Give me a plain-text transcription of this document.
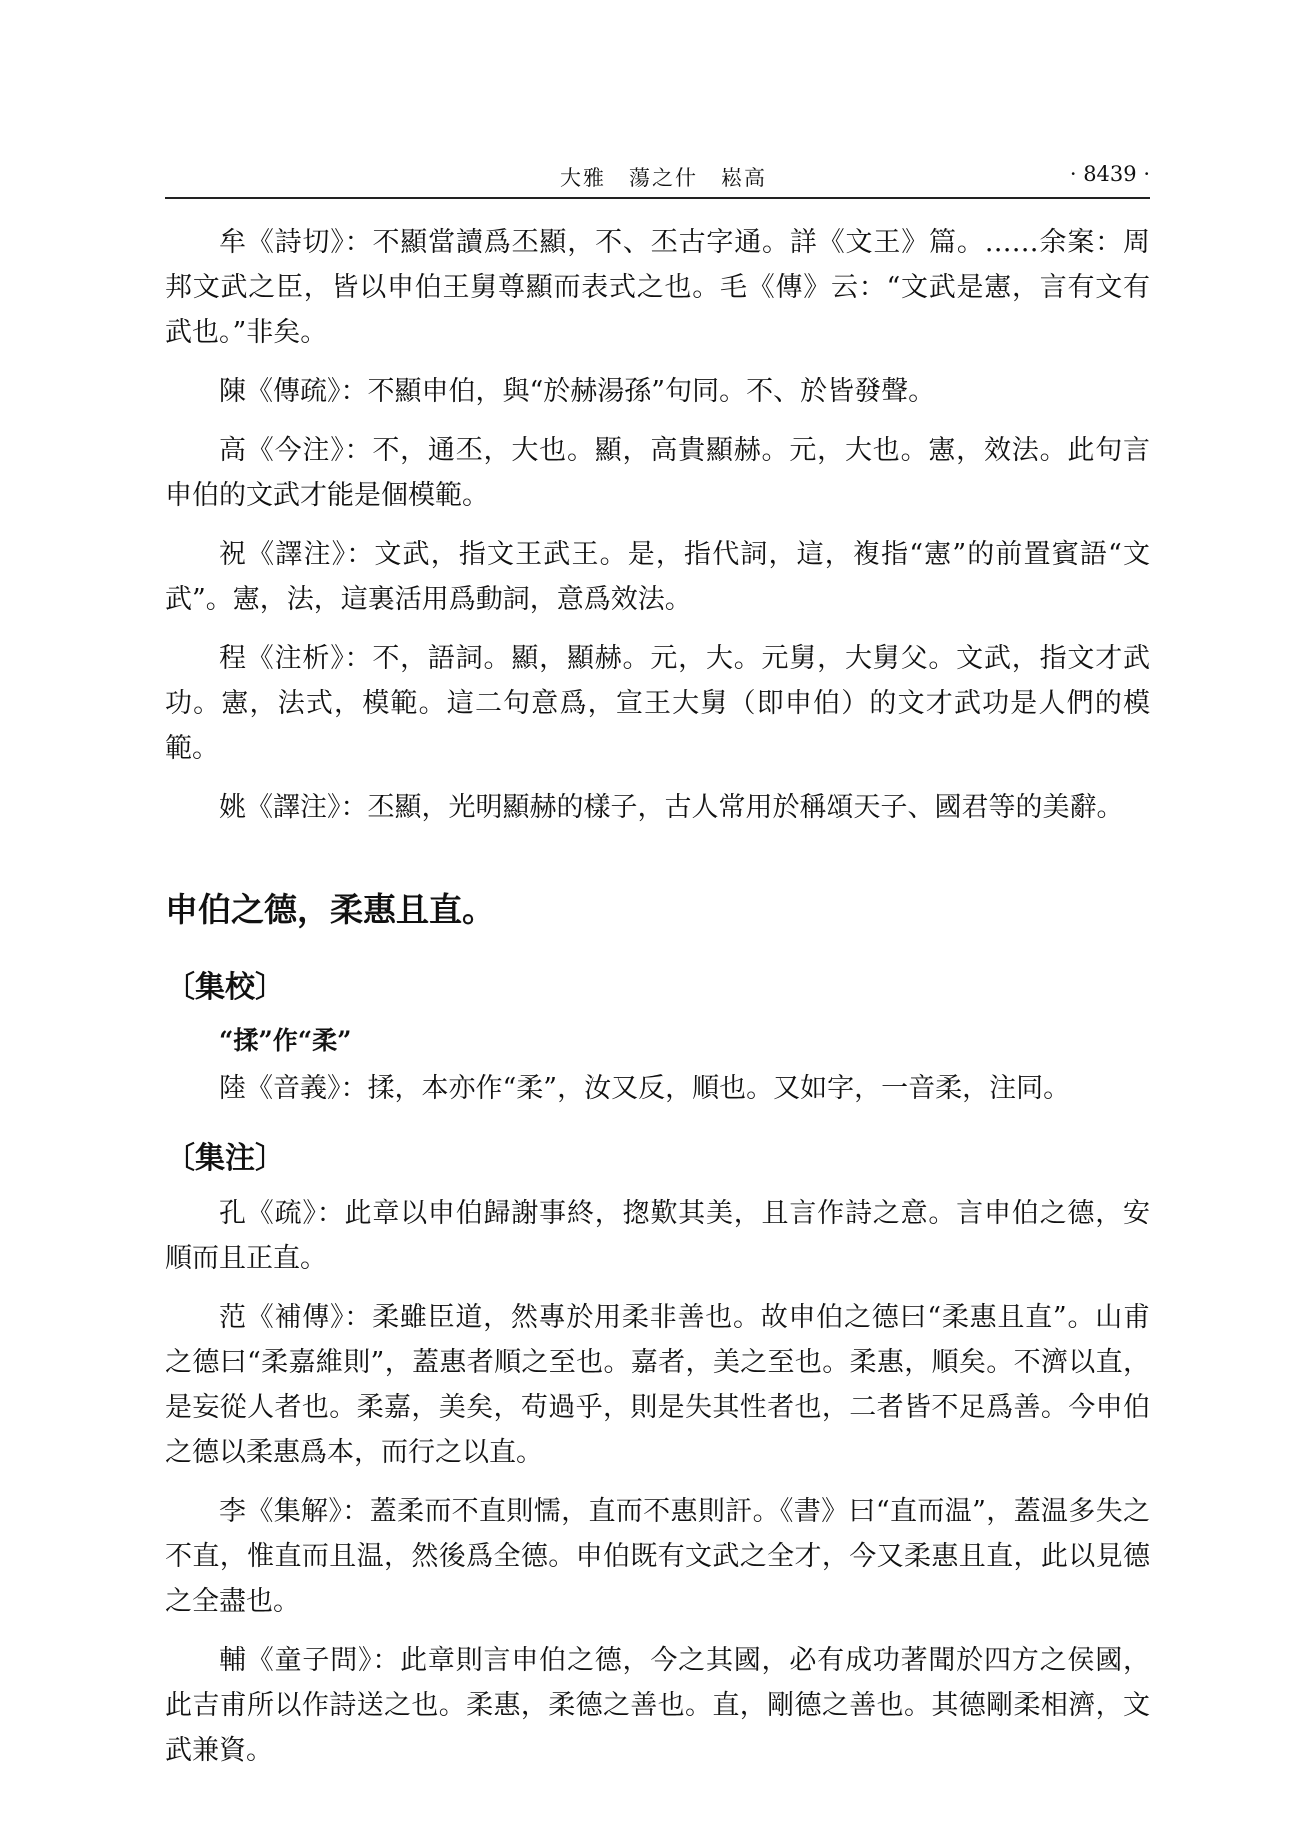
大雅　蕩之什　崧高	· 8439 ·

牟《詩切》：不顯當讀爲丕顯，不、丕古字通。詳《文王》篇。……余案：周邦文武之臣，皆以申伯王舅尊顯而表式之也。毛《傳》云：“文武是憲，言有文有武也。”非矣。

陳《傳疏》：不顯申伯，與“於赫湯孫”句同。不、於皆發聲。

高《今注》：不，通丕，大也。顯，高貴顯赫。元，大也。憲，效法。此句言申伯的文武才能是個模範。

祝《譯注》：文武，指文王武王。是，指代詞，這，複指“憲”的前置賓語“文武”。憲，法，這裏活用爲動詞，意爲效法。

程《注析》：不，語詞。顯，顯赫。元，大。元舅，大舅父。文武，指文才武功。憲，法式，模範。這二句意爲，宣王大舅（即申伯）的文才武功是人們的模範。

姚《譯注》：丕顯，光明顯赫的樣子，古人常用於稱頌天子、國君等的美辭。

申伯之德，柔惠且直。
〔集校〕
“揉”作“柔”

陸《音義》：揉，本亦作“柔”，汝又反，順也。又如字，一音柔，注同。

〔集注〕

孔《疏》：此章以申伯歸謝事終，揔歎其美，且言作詩之意。言申伯之德，安順而且正直。

范《補傳》：柔雖臣道，然專於用柔非善也。故申伯之德曰“柔惠且直”。山甫之德曰“柔嘉維則”，蓋惠者順之至也。嘉者，美之至也。柔惠，順矣。不濟以直，是妄從人者也。柔嘉，美矣，苟過乎，則是失其性者也，二者皆不足爲善。今申伯之德以柔惠爲本，而行之以直。

李《集解》：蓋柔而不直則懦，直而不惠則訐。《書》曰“直而温”，蓋温多失之不直，惟直而且温，然後爲全德。申伯既有文武之全才，今又柔惠且直，此以見德之全盡也。

輔《童子問》：此章則言申伯之德，今之其國，必有成功著聞於四方之侯國，此吉甫所以作詩送之也。柔惠，柔德之善也。直，剛德之善也。其德剛柔相濟，文武兼資。
